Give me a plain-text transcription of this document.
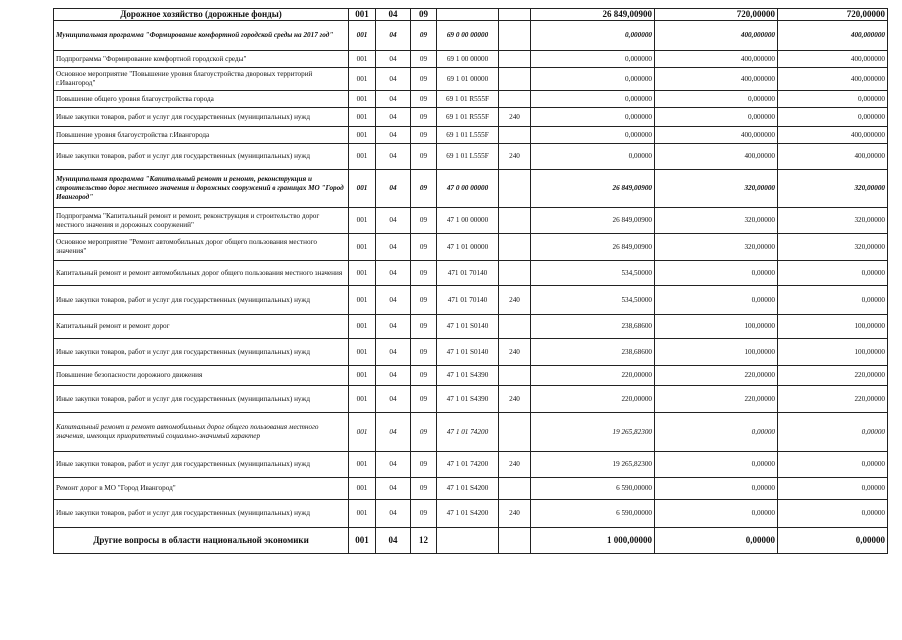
Дорожное хозяйство (дорожные фонды)	001	04	09			26 849,00900	720,00000	720,00000
Муниципальная программа "Формирование комфортной городской среды на 2017 год"	001	04	09	69 0 00 00000		0,000000	400,000000	400,000000
Подпрограмма "Формирование комфортной городской среды"	001	04	09	69 1 00 00000		0,000000	400,000000	400,000000
Основное мероприятие "Повышение уровня благоустройства дворовых территорий г.Ивангород"	001	04	09	69 1 01 00000		0,000000	400,000000	400,000000
Повышение общего уровня благоустройства города	001	04	09	69 1 01 R555F		0,000000	0,000000	0,000000
Иные закупки товаров, работ и услуг для государственных (муниципальных) нужд	001	04	09	69 1 01 R555F	240	0,000000	0,000000	0,000000
Повышение уровня благоустройства г.Ивангорода	001	04	09	69 1 01 L555F		0,000000	400,000000	400,000000
Иные закупки товаров, работ и услуг для государственных (муниципальных) нужд	001	04	09	69 1 01 L555F	240	0,00000	400,00000	400,00000
Муниципальная программа "Капитальный ремонт и ремонт, реконструкция и строительство дорог местного значения и дорожных сооружений в границах МО "Город Ивангород"	001	04	09	47 0 00 00000		26 849,00900	320,00000	320,00000
Подпрограмма "Капитальный ремонт и ремонт, реконструкция и строительство дорог местного значения и дорожных сооружений"	001	04	09	47 1 00 00000		26 849,00900	320,00000	320,00000
Основное мероприятие "Ремонт автомобильных дорог общего пользования местного значения"	001	04	09	47 1 01 00000		26 849,00900	320,00000	320,00000
Капитальный ремонт и ремонт автомобильных дорог общего пользования местного значения	001	04	09	471 01 70140		534,50000	0,00000	0,00000
Иные закупки товаров, работ и услуг для государственных (муниципальных) нужд	001	04	09	471 01 70140	240	534,50000	0,00000	0,00000
Капитальный ремонт и ремонт дорог	001	04	09	47 1 01 S0140		238,68600	100,00000	100,00000
Иные закупки товаров, работ и услуг для государственных (муниципальных) нужд	001	04	09	47 1 01 S0140	240	238,68600	100,00000	100,00000
Повышение безопасности дорожного движения	001	04	09	47 1 01 S4390		220,00000	220,00000	220,00000
Иные закупки товаров, работ и услуг для государственных (муниципальных) нужд	001	04	09	47 1 01 S4390	240	220,00000	220,00000	220,00000
Капитальный ремонт и ремонт автомобильных дорог общего пользования местного значения, имеющих приоритетный социально-значимый характер	001	04	09	47 1 01 74200		19 265,82300	0,00000	0,00000
Иные закупки товаров, работ и услуг для государственных (муниципальных) нужд	001	04	09	47 1 01 74200	240	19 265,82300	0,00000	0,00000
Ремонт дорог в МО "Город Ивангород"	001	04	09	47 1 01 S4200		6 590,00000	0,00000	0,00000
Иные закупки товаров, работ и услуг для государственных (муниципальных) нужд	001	04	09	47 1 01 S4200	240	6 590,00000	0,00000	0,00000
Другие вопросы в области национальной экономики	001	04	12			1 000,00000	0,00000	0,00000
